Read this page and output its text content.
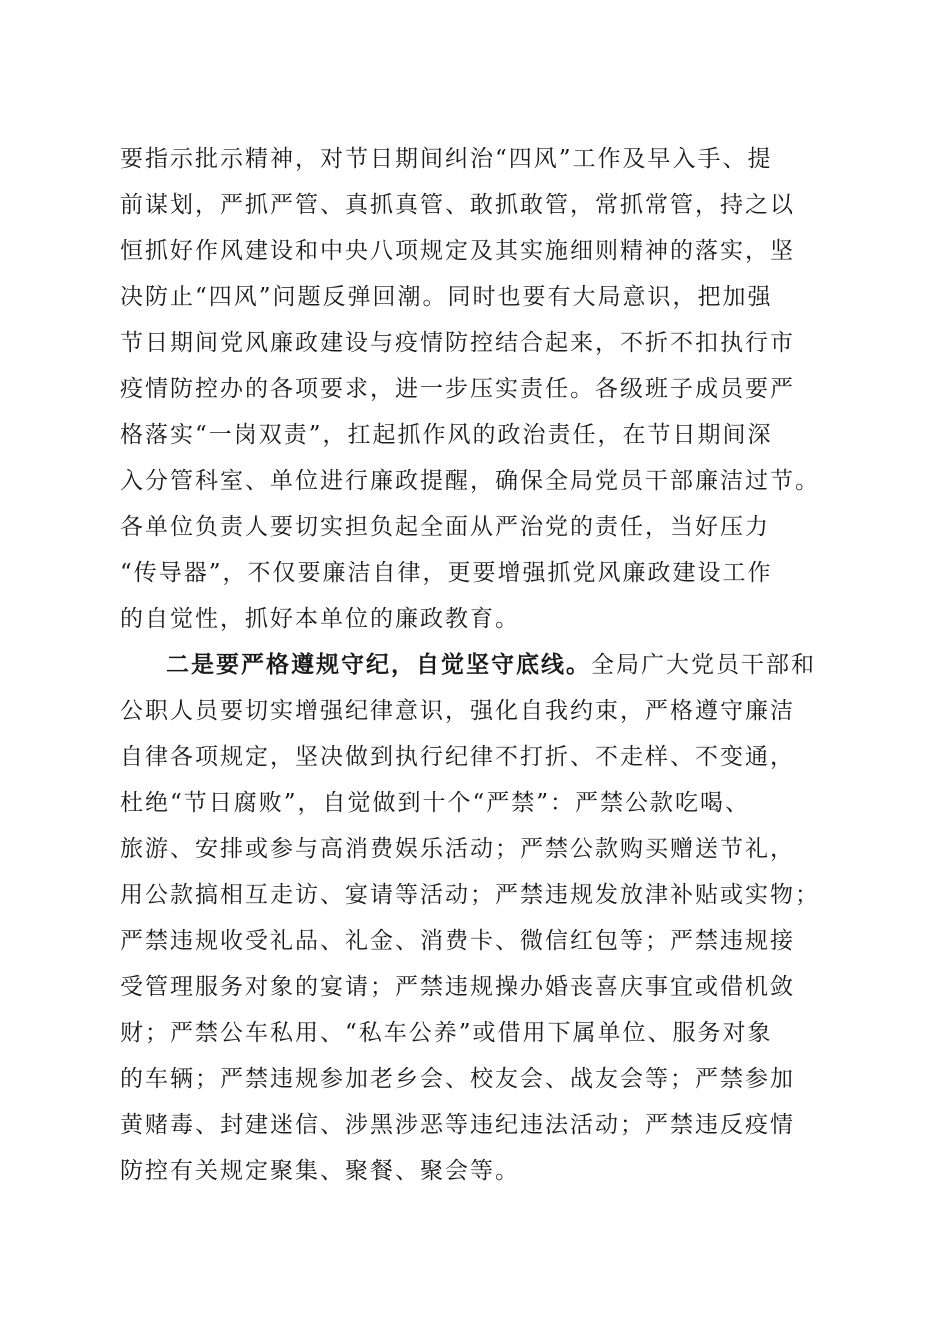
要指示批示精神，对节日期间纠治“四风”工作及早入手、提
前谋划，严抓严管、真抓真管、敢抓敢管，常抓常管，持之以
恒抓好作风建设和中央八项规定及其实施细则精神的落实，坚
决防止“四风”问题反弹回潮。同时也要有大局意识，把加强
节日期间党风廉政建设与疫情防控结合起来，不折不扣执行市
疫情防控办的各项要求，进一步压实责任。各级班子成员要严
格落实“一岗双责”，扛起抓作风的政治责任，在节日期间深
入分管科室、单位进行廉政提醒，确保全局党员干部廉洁过节。
各单位负责人要切实担负起全面从严治党的责任，当好压力
“传导器”，不仅要廉洁自律，更要增强抓党风廉政建设工作
的自觉性，抓好本单位的廉政教育。
二是要严格遵规守纪，自觉坚守底线。全局广大党员干部和
公职人员要切实增强纪律意识，强化自我约束，严格遵守廉洁
自律各项规定，坚决做到执行纪律不打折、不走样、不变通，
杜绝“节日腐败”，自觉做到十个“严禁”：严禁公款吃喝、
旅游、安排或参与高消费娱乐活动；严禁公款购买赠送节礼，
用公款搞相互走访、宴请等活动；严禁违规发放津补贴或实物；
严禁违规收受礼品、礼金、消费卡、微信红包等；严禁违规接
受管理服务对象的宴请；严禁违规操办婚丧喜庆事宜或借机敛
财；严禁公车私用、“私车公养”或借用下属单位、服务对象
的车辆；严禁违规参加老乡会、校友会、战友会等；严禁参加
黄赌毒、封建迷信、涉黑涉恶等违纪违法活动；严禁违反疫情
防控有关规定聚集、聚餐、聚会等。
